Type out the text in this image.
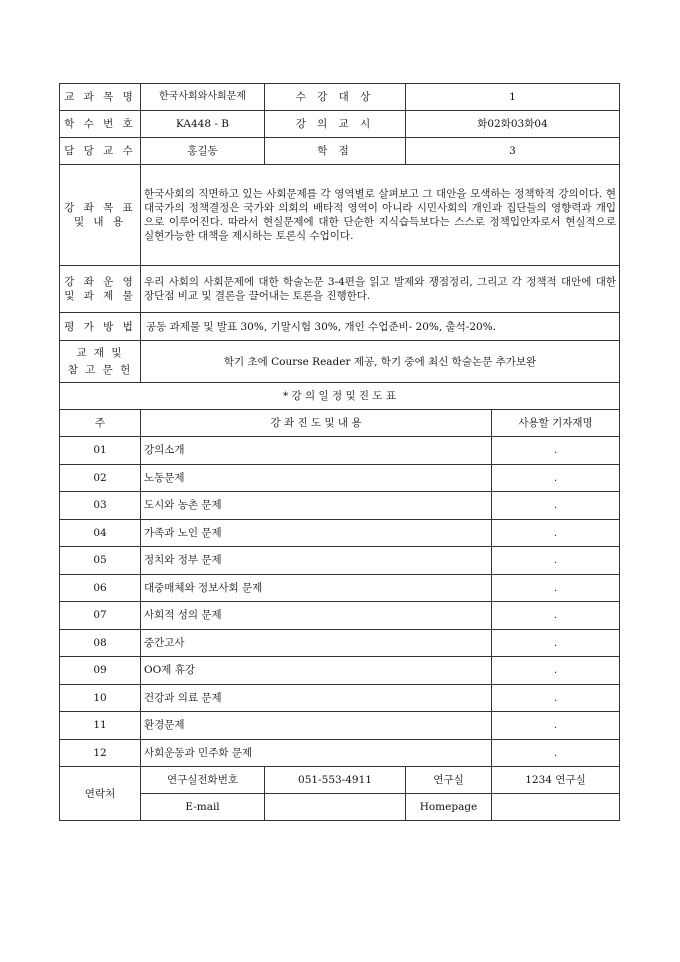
교 과 목 명	한국사회와사회문제	수 강 대 상	1	
학 수 번 호	KA448 - B	강 의 교 시	화02화03화04	
담 당 교 수	홍길동	학 점	3	

강 좌 목 표
및 내 용	한국사회의 직면하고 있는 사회문제를 각 영역별로 살펴보고 그 대안을 모색하는 정책학적 강의이다. 현대국가의 정책결정은 국가와 의회의 배타적 영역이 아니라 시민사회의 개인과 집단들의 영향력과 개입으로 이루어진다. 따라서 현실문제에 대한 단순한 지식습득보다는 스스로 정책입안자로서 현실적으로 실현가능한 대책을 제시하는 토론식 수업이다.			

강 좌 운 영
및 과 제 물	우리 사회의 사회문제에 대한 학술논문 3-4편을 읽고 발제와 쟁점정리, 그리고 각 정책적 대안에 대한 장단점 비교 및 결론을 끌어내는 토론을 진행한다.			
평 가 방 법	공동 과제물 및 발표 30%, 기말시험 30%, 개인 수업준비- 20%, 출석-20%.			

교 재 및
참 고 문 헌	학기 초에 Course Reader 제공, 학기 중에 최신 학술논문 추가보완			
* 강 의 일 정 및 진 도 표				
주	강 좌 진 도 및 내 용			사용할 기자재명
01	강의소개			.
02	노동문제			.
03	도시와 농촌 문제			.
04	가족과 노인 문제			.
05	정치와 정부 문제			.
06	대중매체와 정보사회 문제			.
07	사회적 성의 문제			.
08	중간고사			.
09	OO제 휴강			.
10	건강과 의료 문제			.
11	환경문제			.
12	사회운동과 민주화 문제			.
연락처	연구실전화번호	051-553-4911	연구실	1234 연구실
	E-mail		Homepage	
